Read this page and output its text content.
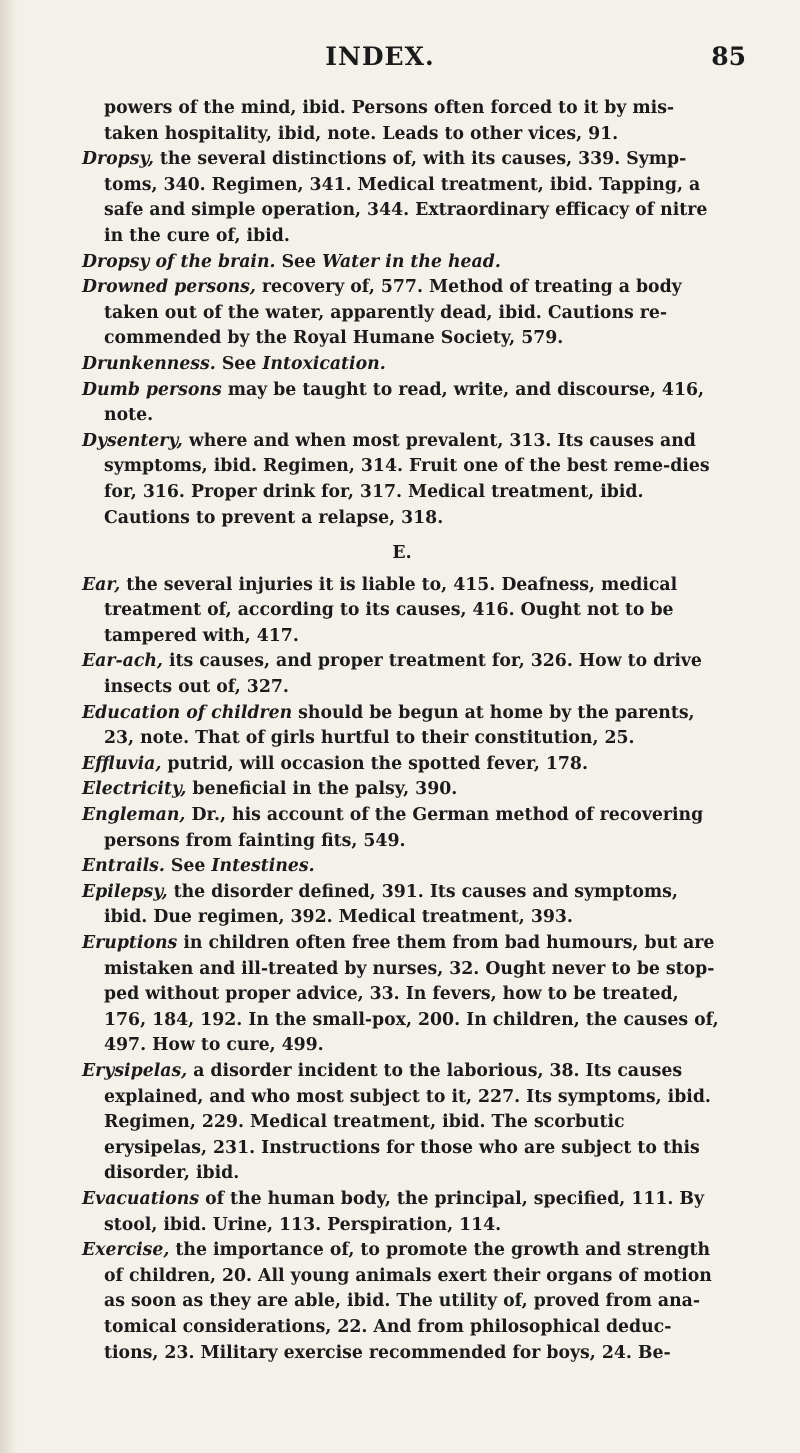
INDEX.	85

powers of the mind, ibid. Persons often forced to it by mis-taken hospitality, ibid, note. Leads to other vices, 91.

Dropsy, the several distinctions of, with its causes, 339. Symp-toms, 340. Regimen, 341. Medical treatment, ibid. Tapping, a safe and simple operation, 344. Extraordinary efficacy of nitre in the cure of, ibid.

Dropsy of the brain. See Water in the head.

Drowned persons, recovery of, 577. Method of treating a body taken out of the water, apparently dead, ibid. Cautions re-commended by the Royal Humane Society, 579.

Drunkenness. See Intoxication.

Dumb persons may be taught to read, write, and discourse, 416, note.

Dysentery, where and when most prevalent, 313. Its causes and symptoms, ibid. Regimen, 314. Fruit one of the best reme-dies for, 316. Proper drink for, 317. Medical treatment, ibid. Cautions to prevent a relapse, 318.

E.

Ear, the several injuries it is liable to, 415. Deafness, medical treatment of, according to its causes, 416. Ought not to be tampered with, 417.

Ear-ach, its causes, and proper treatment for, 326. How to drive insects out of, 327.

Education of children should be begun at home by the parents, 23, note. That of girls hurtful to their constitution, 25.

Effluvia, putrid, will occasion the spotted fever, 178.

Electricity, beneficial in the palsy, 390.

Engleman, Dr., his account of the German method of recovering persons from fainting fits, 549.

Entrails. See Intestines.

Epilepsy, the disorder defined, 391. Its causes and symptoms, ibid. Due regimen, 392. Medical treatment, 393.

Eruptions in children often free them from bad humours, but are mistaken and ill-treated by nurses, 32. Ought never to be stop-ped without proper advice, 33. In fevers, how to be treated, 176, 184, 192. In the small-pox, 200. In children, the causes of, 497. How to cure, 499.

Erysipelas, a disorder incident to the laborious, 38. Its causes explained, and who most subject to it, 227. Its symptoms, ibid. Regimen, 229. Medical treatment, ibid. The scorbutic erysipelas, 231. Instructions for those who are subject to this disorder, ibid.

Evacuations of the human body, the principal, specified, 111. By stool, ibid. Urine, 113. Perspiration, 114.

Exercise, the importance of, to promote the growth and strength of children, 20. All young animals exert their organs of motion as soon as they are able, ibid. The utility of, proved from ana-tomical considerations, 22. And from philosophical deduc-tions, 23. Military exercise recommended for boys, 24. Be-
